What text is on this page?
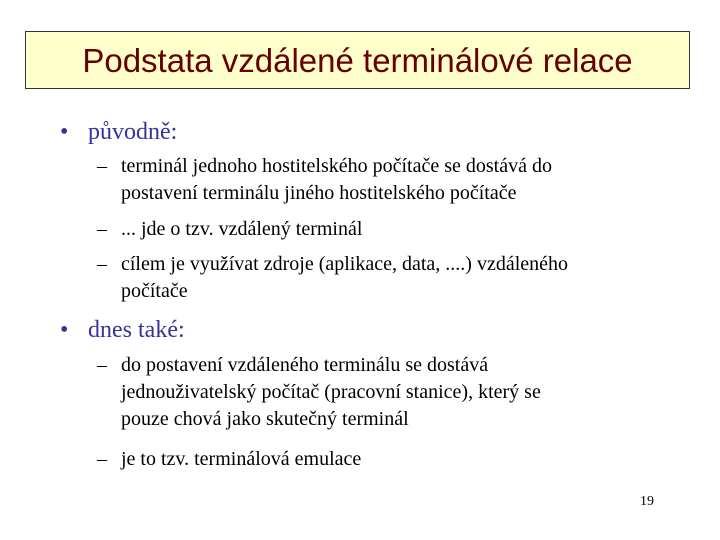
Podstata vzdálené terminálové relace
• původně:
– terminál jednoho hostitelského počítače se dostává do
postavení terminálu jiného hostitelského počítače
– ... jde o tzv. vzdálený terminál
– cílem je využívat zdroje (aplikace, data, ....) vzdáleného
počítače
• dnes také:
– do postavení vzdáleného terminálu se dostává
jednouživatelský počítač (pracovní stanice), který se
pouze chová jako skutečný terminál
– je to tzv. terminálová emulace
19
